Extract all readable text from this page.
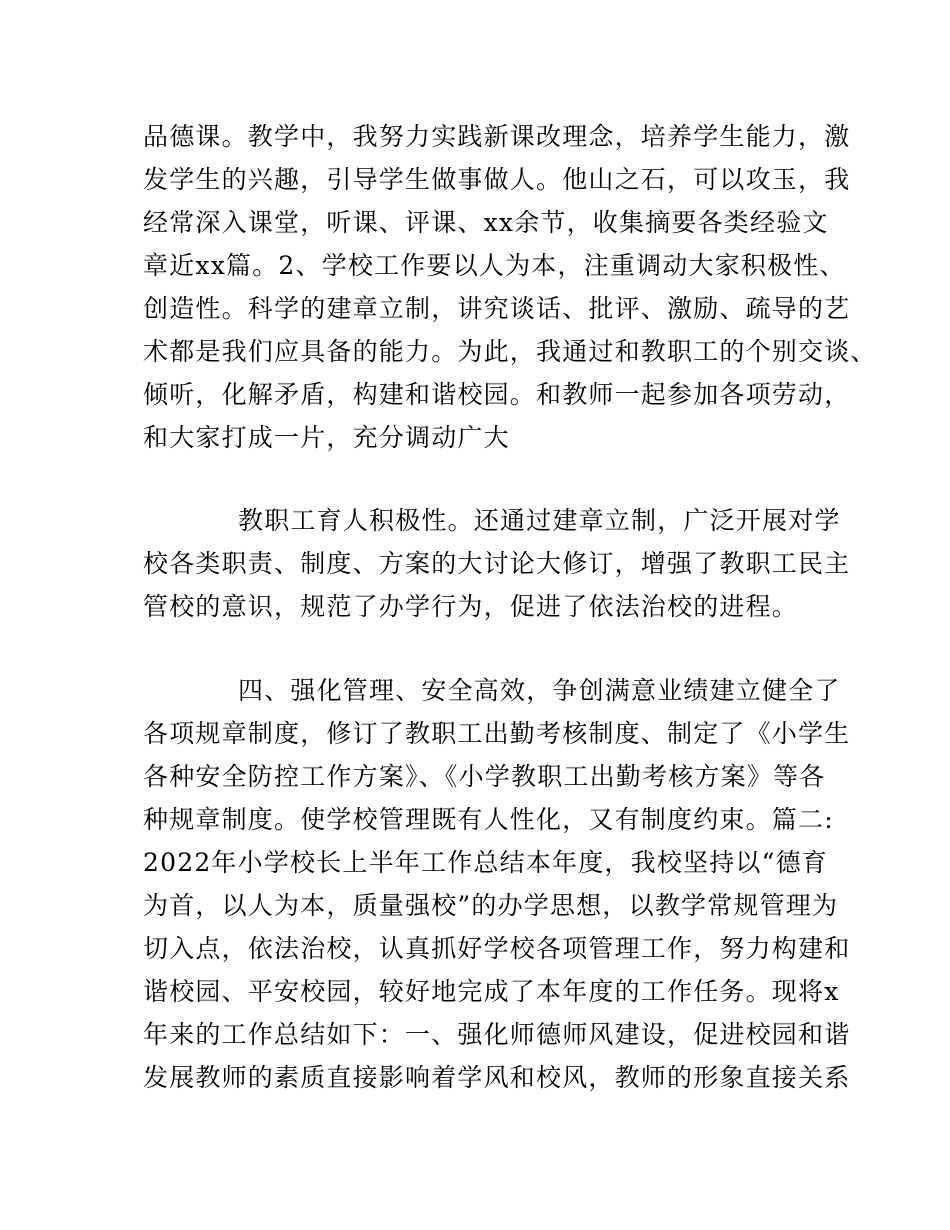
品德课。教学中，我努力实践新课改理念，培养学生能力，激
发学生的兴趣，引导学生做事做人。他山之石，可以攻玉，我
经常深入课堂，听课、评课、xx余节，收集摘要各类经验文
章近xx篇。2、学校工作要以人为本，注重调动大家积极性、
创造性。科学的建章立制，讲究谈话、批评、激励、疏导的艺
术都是我们应具备的能力。为此，我通过和教职工的个别交谈、
倾听，化解矛盾，构建和谐校园。和教师一起参加各项劳动，
和大家打成一片，充分调动广大
教职工育人积极性。还通过建章立制，广泛开展对学
校各类职责、制度、方案的大讨论大修订，增强了教职工民主
管校的意识，规范了办学行为，促进了依法治校的进程。
四、强化管理、安全高效，争创满意业绩建立健全了
各项规章制度，修订了教职工出勤考核制度、制定了《小学生
各种安全防控工作方案》、《小学教职工出勤考核方案》等各
种规章制度。使学校管理既有人性化，又有制度约束。篇二:
2022年小学校长上半年工作总结本年度，我校坚持以“德育
为首，以人为本，质量强校”的办学思想，以教学常规管理为
切入点，依法治校，认真抓好学校各项管理工作，努力构建和
谐校园、平安校园，较好地完成了本年度的工作任务。现将x
年来的工作总结如下：一、强化师德师风建设，促进校园和谐
发展教师的素质直接影响着学风和校风，教师的形象直接关系
